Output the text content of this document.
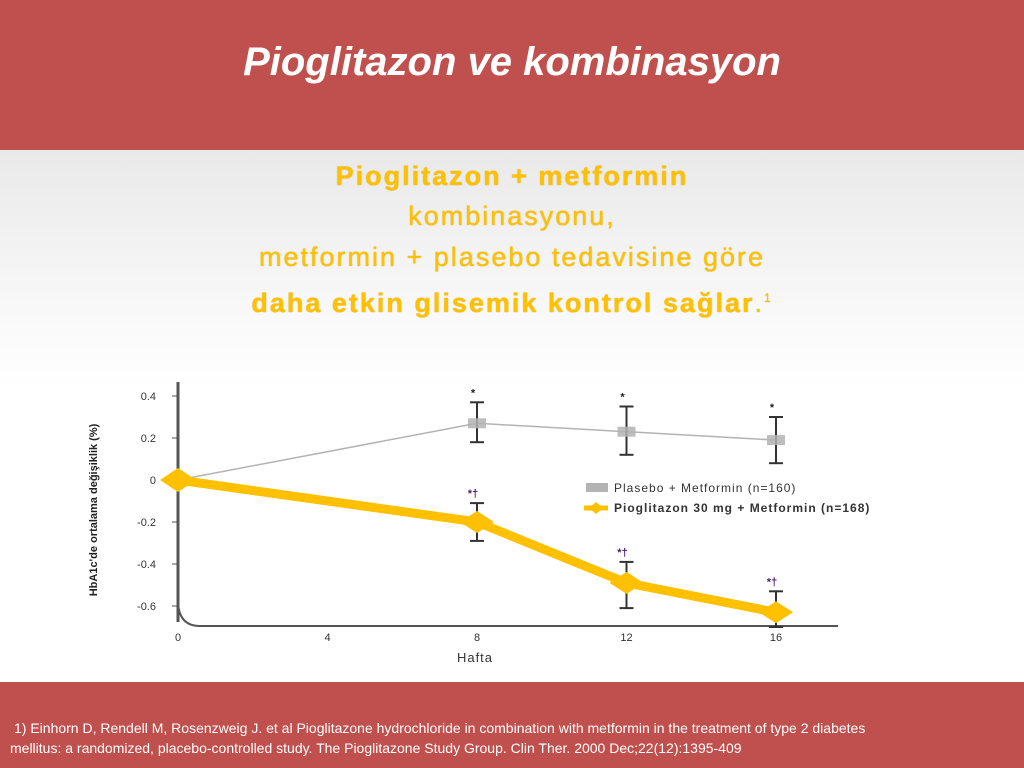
Pioglitazon ve kombinasyon
Pioglitazon + metformin
kombinasyonu,
metformin + plasebo tedavisine göre
daha etkin glisemik kontrol sağlar.$^1$
0.4
0.2
0
-0.2
-0.4
-0.6
0	4	8	12	16
HbA1c'de ortalama değişiklik (%)
Hafta
*	*
*
*†
*†
*†
Plasebo + Metformin (n=160)
Pioglitazon 30 mg + Metformin (n=168)
1) Einhorn D, Rendell M, Rosenzweig J. et al Pioglitazone hydrochloride in combination with metformin in the treatment of type 2 diabetes
mellitus: a randomized, placebo-controlled study. The Pioglitazone Study Group. Clin Ther. 2000 Dec;22(12):1395-409
